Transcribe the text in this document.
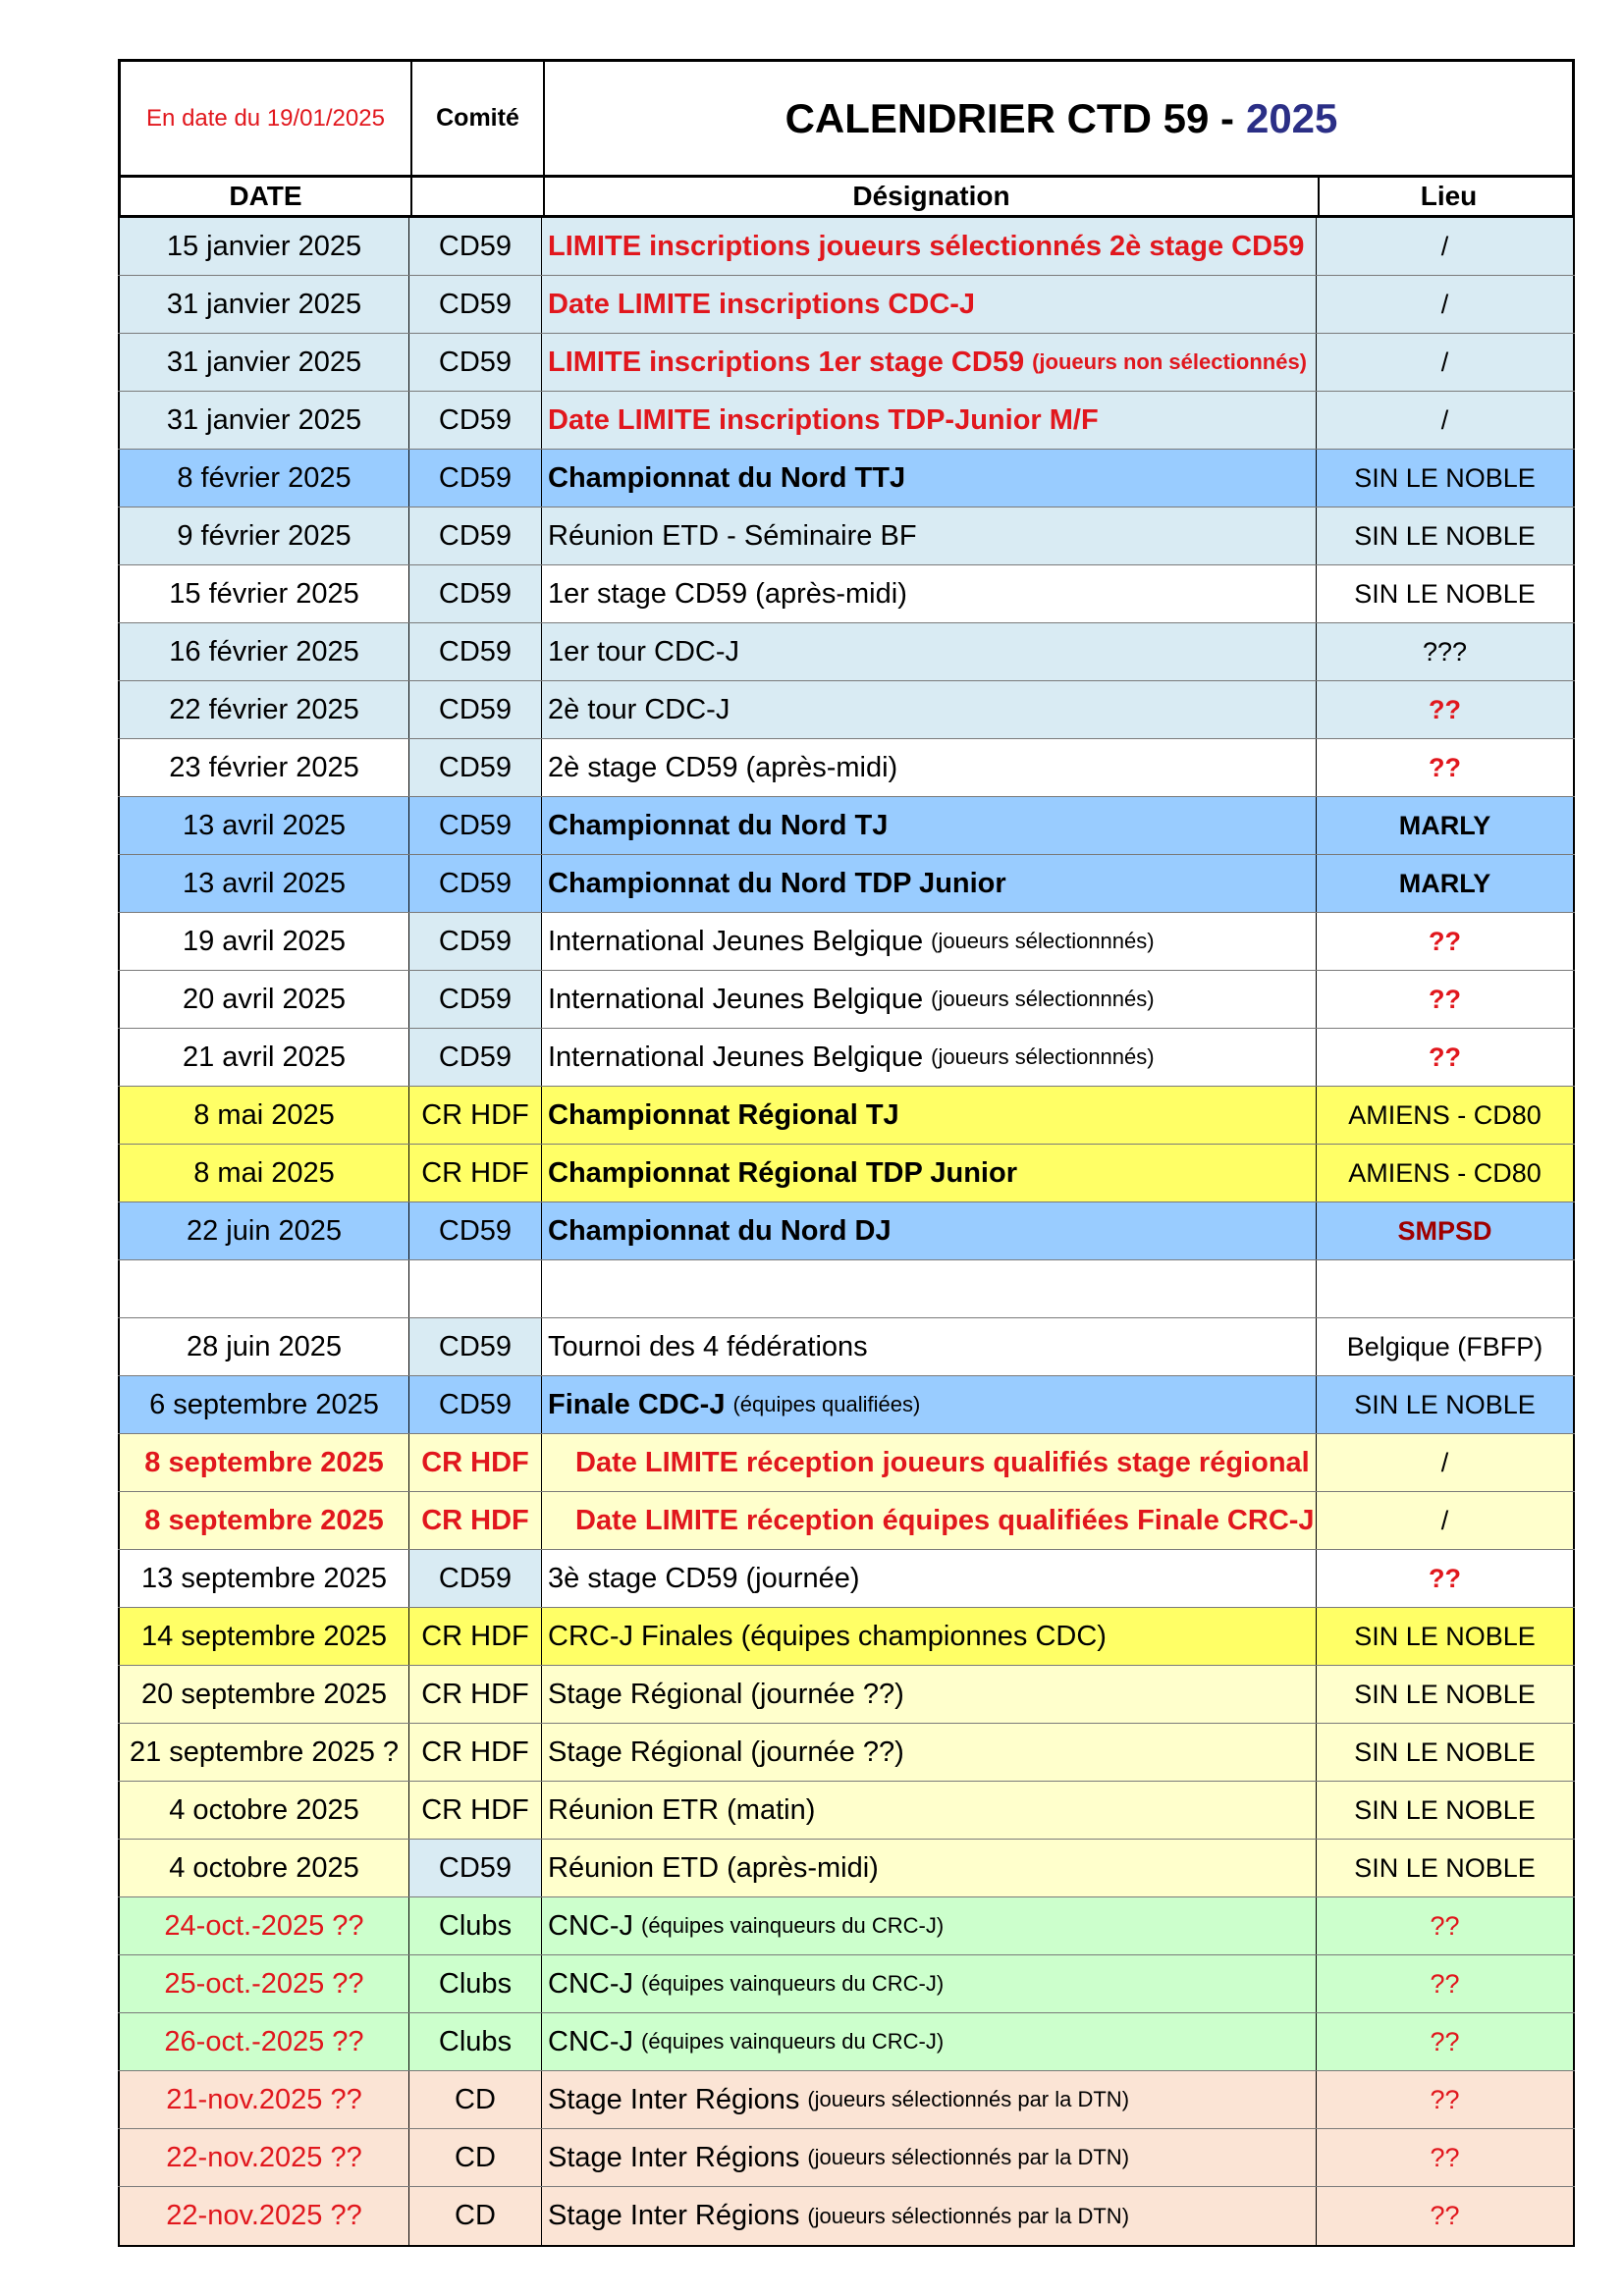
En date du 19/01/2025	Comité	CALENDRIER CTD 59 - 2025
DATE	Désignation	Lieu
15 janvier 2025	CD59 LIMITE inscriptions joueurs sélectionnés 2è stage CD59	/
31 janvier 2025	CD59 Date LIMITE inscriptions CDC-J	/
31 janvier 2025	CD59 LIMITE inscriptions 1er stage CD59 (joueurs non sélectionnés)	/
31 janvier 2025	CD59 Date LIMITE inscriptions TDP-Junior M/F	/
8 février 2025	CD59 Championnat du Nord TTJ	SIN LE NOBLE
9 février 2025	CD59 Réunion ETD - Séminaire BF	SIN LE NOBLE
15 février 2025	CD59 1er stage CD59 (après-midi)	SIN LE NOBLE
16 février 2025	CD59 1er tour CDC-J	???
22 février 2025	CD59 2è tour CDC-J	??
23 février 2025	CD59 2è stage CD59 (après-midi)	??
13 avril 2025	CD59 Championnat du Nord TJ	MARLY
13 avril 2025	CD59 Championnat du Nord TDP Junior	MARLY
19 avril 2025	CD59 International Jeunes Belgique (joueurs sélectionnnés)	??
20 avril 2025	CD59 International Jeunes Belgique (joueurs sélectionnnés)	??
21 avril 2025	CD59 International Jeunes Belgique (joueurs sélectionnnés)	??
8 mai 2025	CR HDF Championnat Régional TJ	AMIENS - CD80
8 mai 2025	CR HDF Championnat Régional TDP Junior	AMIENS - CD80
22 juin 2025	CD59 Championnat du Nord DJ	SMPSD
28 juin 2025	CD59 Tournoi des 4 fédérations	Belgique (FBFP)
6 septembre 2025 CD59 Finale CDC-J (équipes qualifiées)	SIN LE NOBLE
8 septembre 2025 CR HDF Date LIMITE réception joueurs qualifiés stage régional	/
8 septembre 2025 CR HDF Date LIMITE réception équipes qualifiées Finale CRC-J	/
13 septembre 2025 CD59 3è stage CD59 (journée)	??
14 septembre 2025 CR HDF CRC-J Finales (équipes championnes CDC)	SIN LE NOBLE
20 septembre 2025 CR HDF Stage Régional (journée ??)	SIN LE NOBLE
21 septembre 2025 ? CR HDF Stage Régional (journée ??)	SIN LE NOBLE
4 octobre 2025 CR HDF Réunion ETR (matin)	SIN LE NOBLE
4 octobre 2025	CD59 Réunion ETD (après-midi)	SIN LE NOBLE
24-oct.-2025 ??	Clubs CNC-J (équipes vainqueurs du CRC-J)	??
25-oct.-2025 ??	Clubs CNC-J (équipes vainqueurs du CRC-J)	??
26-oct.-2025 ??	Clubs CNC-J (équipes vainqueurs du CRC-J)	??
21-nov.2025 ??	CD Stage Inter Régions (joueurs sélectionnés par la DTN)	??
22-nov.2025 ??	CD Stage Inter Régions (joueurs sélectionnés par la DTN)	??
22-nov.2025 ??	CD Stage Inter Régions (joueurs sélectionnés par la DTN)	??
